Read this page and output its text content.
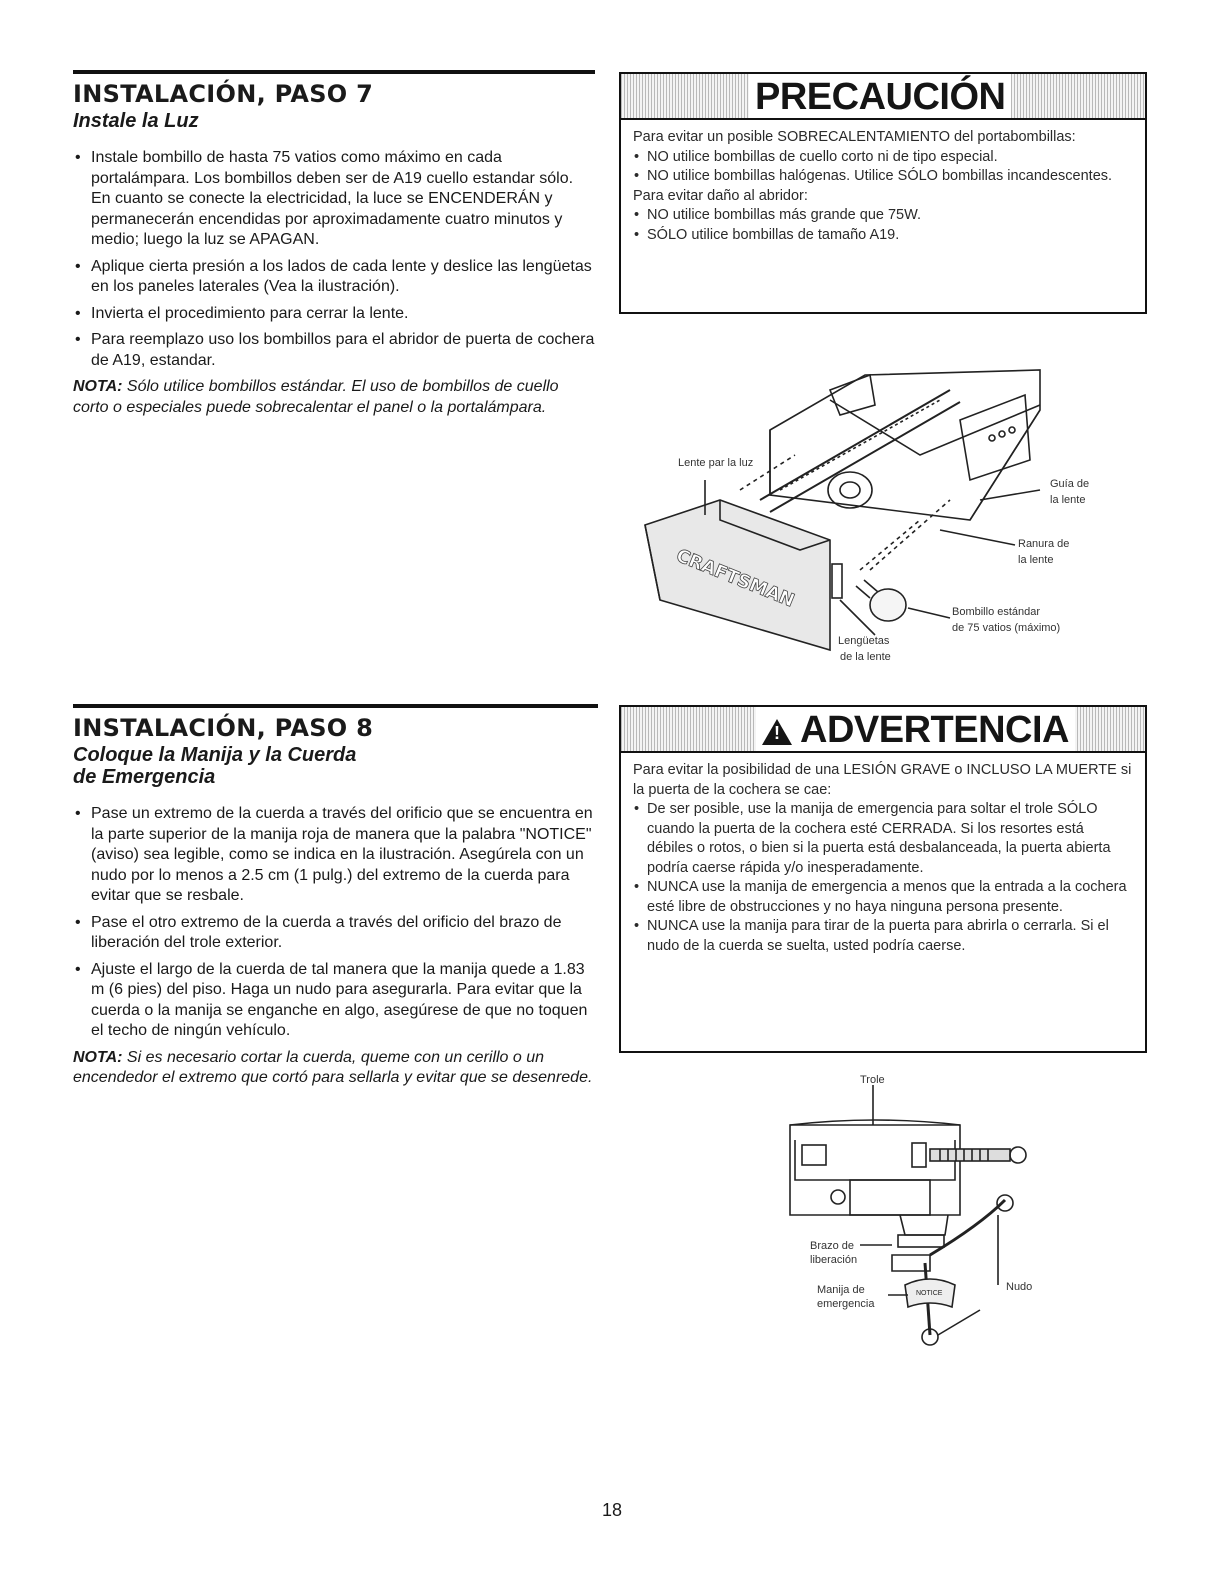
INSTALACIÓN, PASO 7
Instale la Luz
• Instale bombillo de hasta 75 vatios como máximo en cada portalámpara. Los bombillos deben ser de A19 cuello estandar sólo. En cuanto se conecte la electricidad, la luce se ENCENDERÁN y permanecerán encendidas por aproximadamente cuatro minutos y medio; luego la luz se APAGAN.
• Aplique cierta presión a los lados de cada lente y deslice las lengüetas en los paneles laterales (Vea la ilustración).
• Invierta el procedimiento para cerrar la lente.
• Para reemplazo uso los bombillos para el abridor de puerta de cochera de A19, estandar.

NOTA: Sólo utilice bombillos estándar. El uso de bombillos de cuello corto o especiales puede sobrecalentar el panel o la portalámpara.

PRECAUCIÓN

Para evitar un posible SOBRECALENTAMIENTO del portabombillas:

• NO utilice bombillas de cuello corto ni de tipo especial.
• NO utilice bombillas halógenas. Utilice SÓLO bombillas incandescentes.

Para evitar daño al abridor:

• NO utilice bombillas más grande que 75W.
• SÓLO utilice bombillas de tamaño A19.
Lente par la luz
Guía de
la lente
Ranura de
la lente
Bombillo estándar
de 75 vatios (máximo)
Lengüetas
de la lente
CRAFTSMAN
INSTALACIÓN, PASO 8
Coloque la Manija y la Cuerda
de Emergencia
• Pase un extremo de la cuerda a través del orificio que se encuentra en la parte superior de la manija roja de manera que la palabra "NOTICE" (aviso) sea legible, como se indica en la ilustración. Asegúrela con un nudo por lo menos a 2.5 cm (1 pulg.) del extremo de la cuerda para evitar que se resbale.
• Pase el otro extremo de la cuerda a través del orificio del brazo de liberación del trole exterior.
• Ajuste el largo de la cuerda de tal manera que la manija quede a 1.83 m (6 pies) del piso. Haga un nudo para asegurarla. Para evitar que la cuerda o la manija se enganche en algo, asegúrese de que no toquen el techo de ningún vehículo.

NOTA: Si es necesario cortar la cuerda, queme con un cerillo o un encendedor el extremo que cortó para sellarla y evitar que se desenrede.

! ADVERTENCIA

Para evitar la posibilidad de una LESIÓN GRAVE o INCLUSO LA MUERTE si la puerta de la cochera se cae:

• De ser posible, use la manija de emergencia para soltar el trole SÓLO cuando la puerta de la cochera esté CERRADA. Si los resortes está débiles o rotos, o bien si la puerta está desbalanceada, la puerta abierta podría caerse rápida y/o inesperadamente.
• NUNCA use la manija de emergencia a menos que la entrada a la cochera esté libre de obstrucciones y no haya ninguna persona presente.
• NUNCA use la manija para tirar de la puerta para abrirla o cerrarla. Si el nudo de la cuerda se suelta, usted podría caerse.
Trole
Brazo de
liberación
Manija de
emergencia
Nudo
NOTICE
18
